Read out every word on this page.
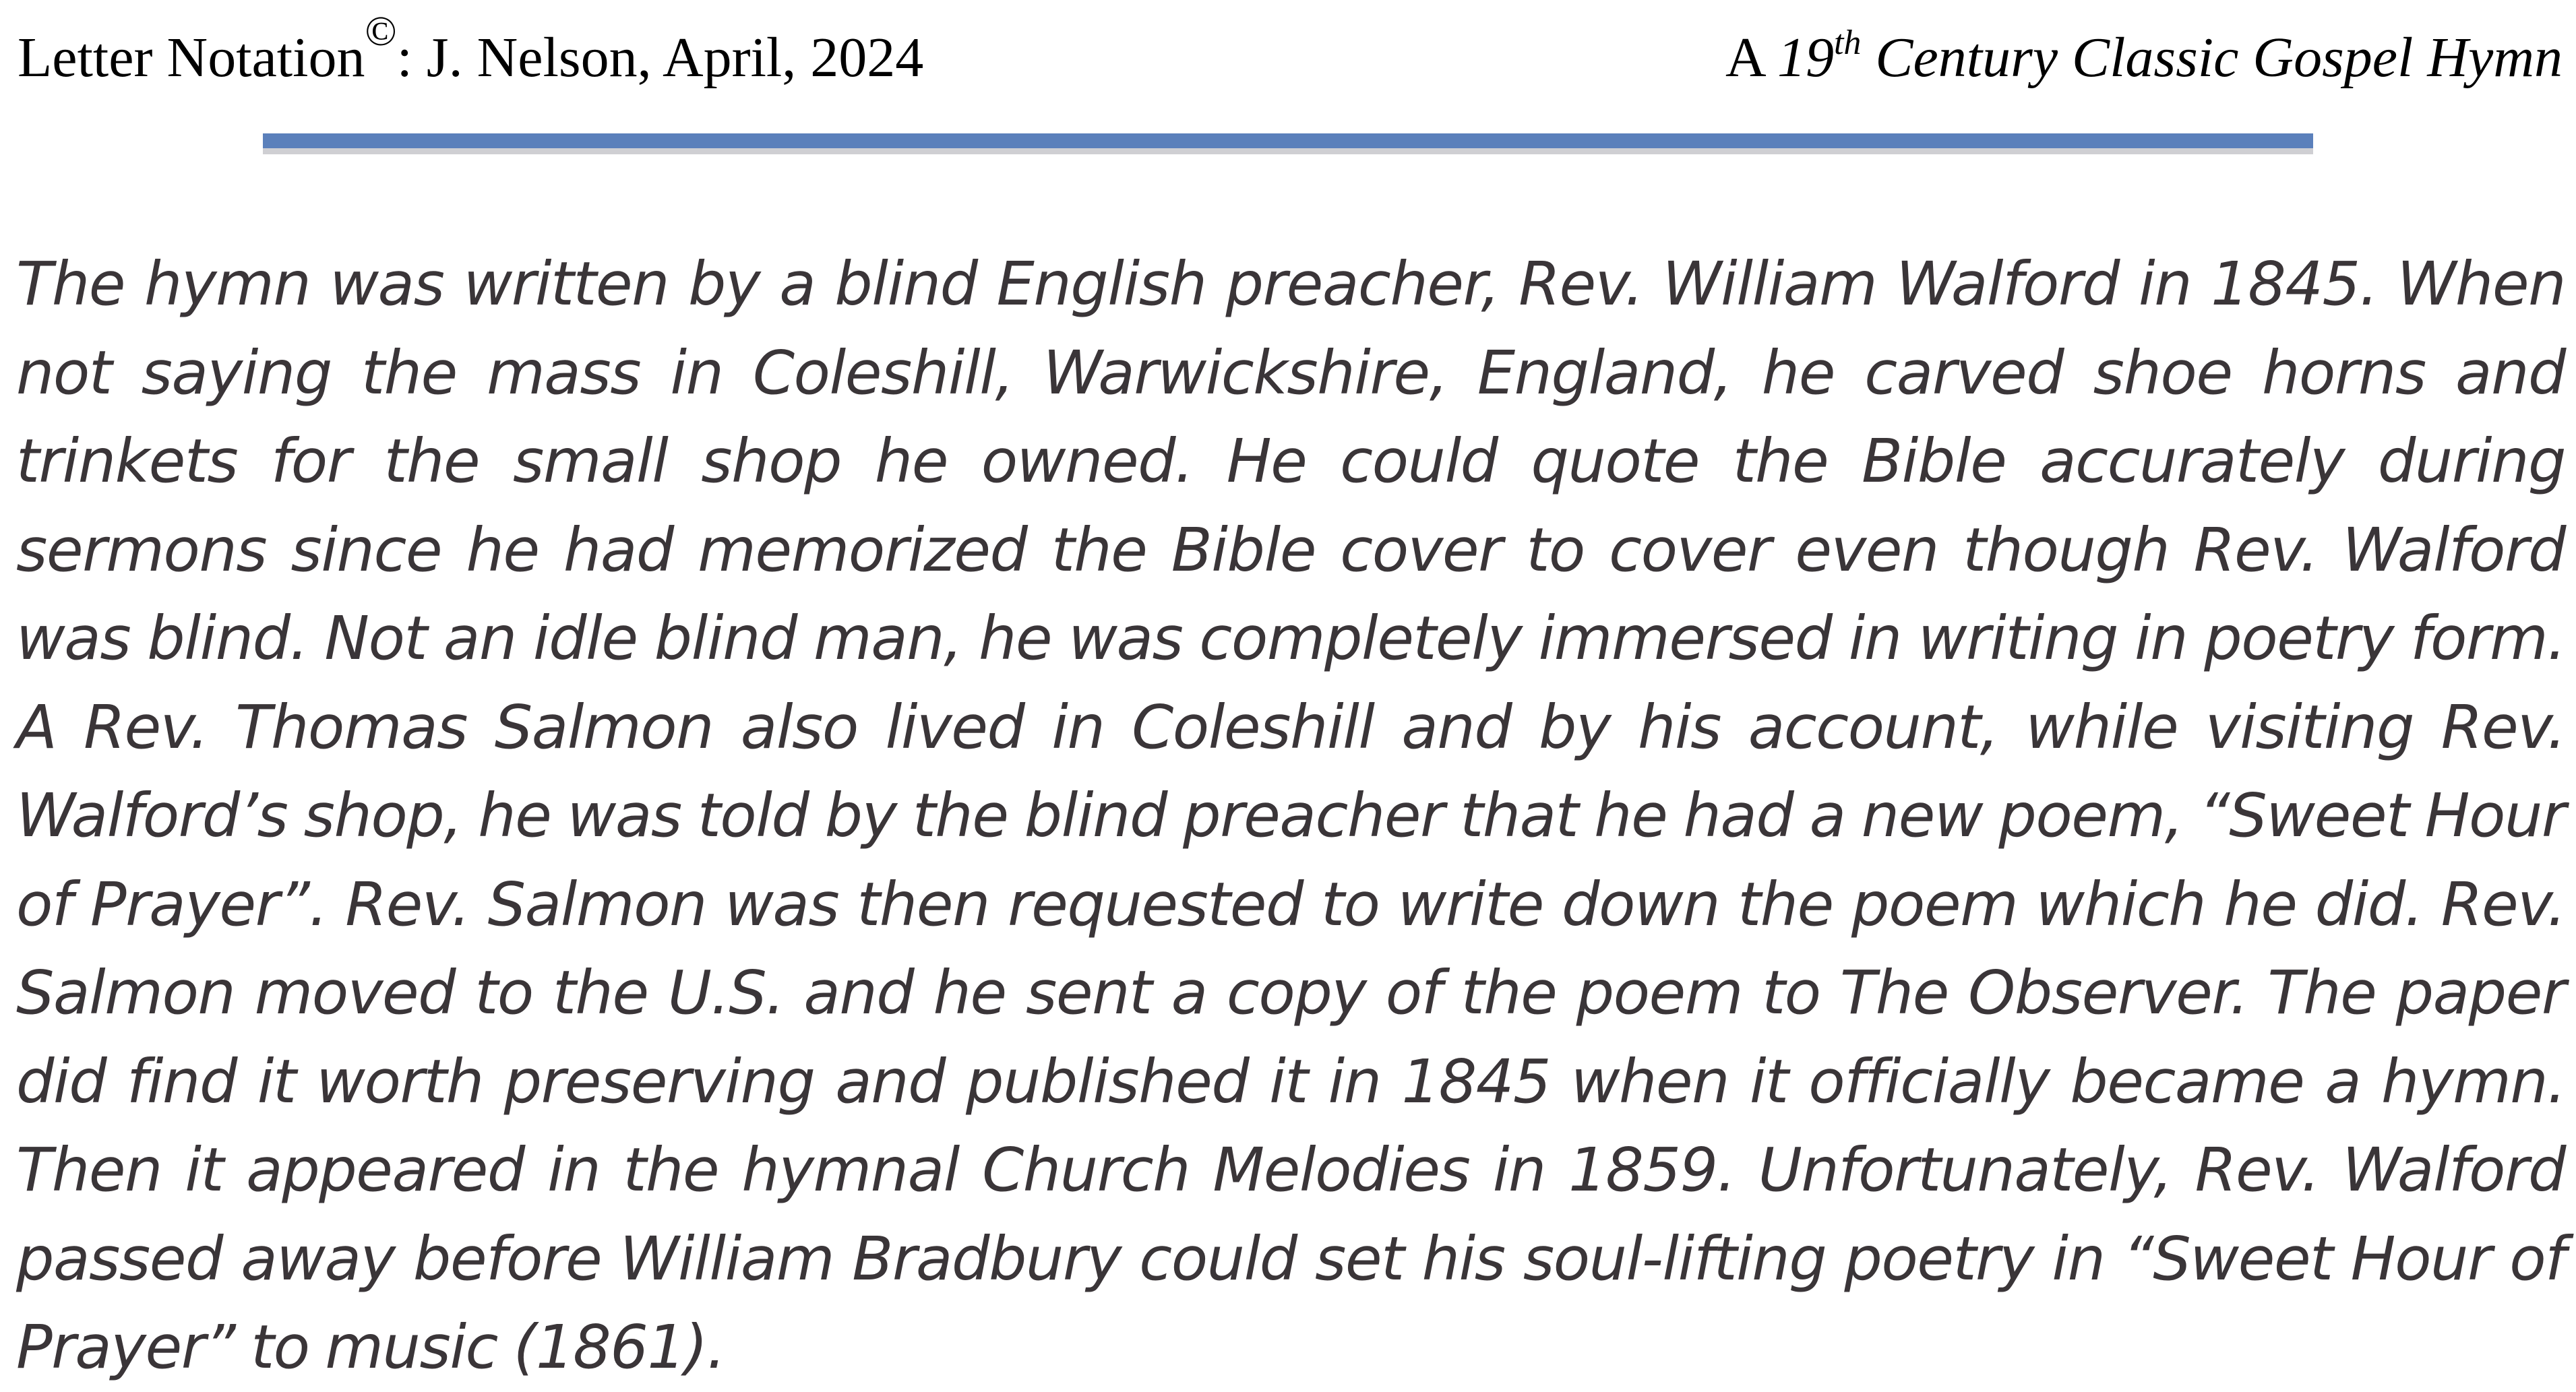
Letter Notation©: J. Nelson, April, 2024	A 19th Century Classic Gospel Hymn

The hymn was written by a blind English preacher, Rev. William Walford in 1845. When not saying the mass in Coleshill, Warwickshire, England, he carved shoe horns and trinkets for the small shop he owned. He could quote the Bible accurately during sermons since he had memorized the Bible cover to cover even though Rev. Walford was blind. Not an idle blind man, he was completely immersed in writing in poetry form. A Rev. Thomas Salmon also lived in Coleshill and by his account, while visiting Rev. Walford’s shop, he was told by the blind preacher that he had a new poem, “Sweet Hour of Prayer”. Rev. Salmon was then requested to write down the poem which he did. Rev. Salmon moved to the U.S. and he sent a copy of the poem to The Observer. The paper did find it worth preserving and published it in 1845 when it officially became a hymn. Then it appeared in the hymnal Church Melodies in 1859. Unfortunately, Rev. Walford passed away before William Bradbury could set his soul-lifting poetry in “Sweet Hour of Prayer” to music (1861).
